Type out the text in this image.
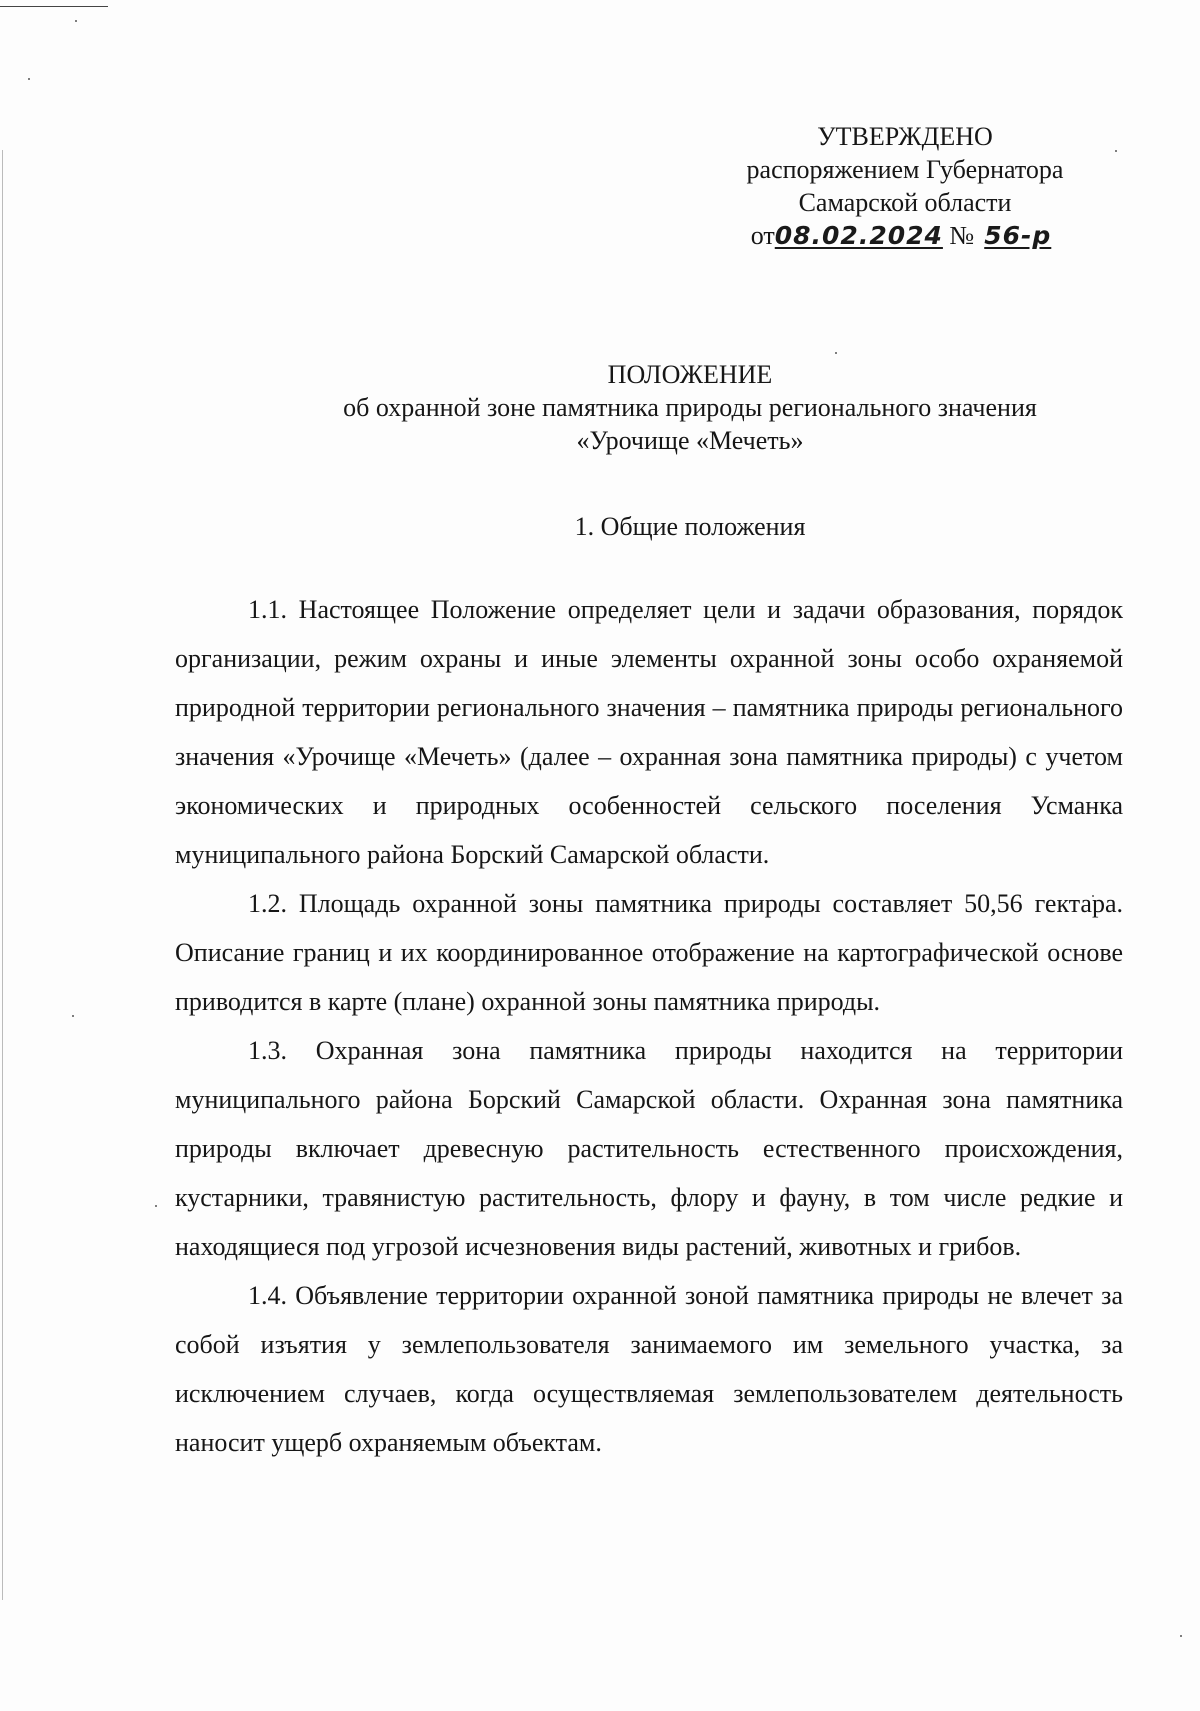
УТВЕРЖДЕНО
распоряжением Губернатора
Самарской области
от08.02.2024 № 56-р
ПОЛОЖЕНИЕ
об охранной зоне памятника природы регионального значения
«Урочище «Мечеть»
1. Общие положения

1.1. Настоящее Положение определяет цели и задачи образования, порядок организации, режим охраны и иные элементы охранной зоны особо охраняемой природной территории регионального значения – памятника природы регионального значения «Урочище «Мечеть» (далее – охранная зона памятника природы) с учетом экономических и природных особенностей сельского поселения Усманка муниципального района Борский Самарской области.

1.2. Площадь охранной зоны памятника природы составляет 50,56 гектара. Описание границ и их координированное отображение на картографической основе приводится в карте (плане) охранной зоны памятника природы.

1.3. Охранная зона памятника природы находится на территории муниципального района Борский Самарской области. Охранная зона памятника природы включает древесную растительность естественного происхождения, кустарники, травянистую растительность, флору и фауну, в том числе редкие и находящиеся под угрозой исчезновения виды растений, животных и грибов.

1.4. Объявление территории охранной зоной памятника природы не влечет за собой изъятия у землепользователя занимаемого им земельного участка, за исключением случаев, когда осуществляемая землепользователем деятельность наносит ущерб охраняемым объектам.
